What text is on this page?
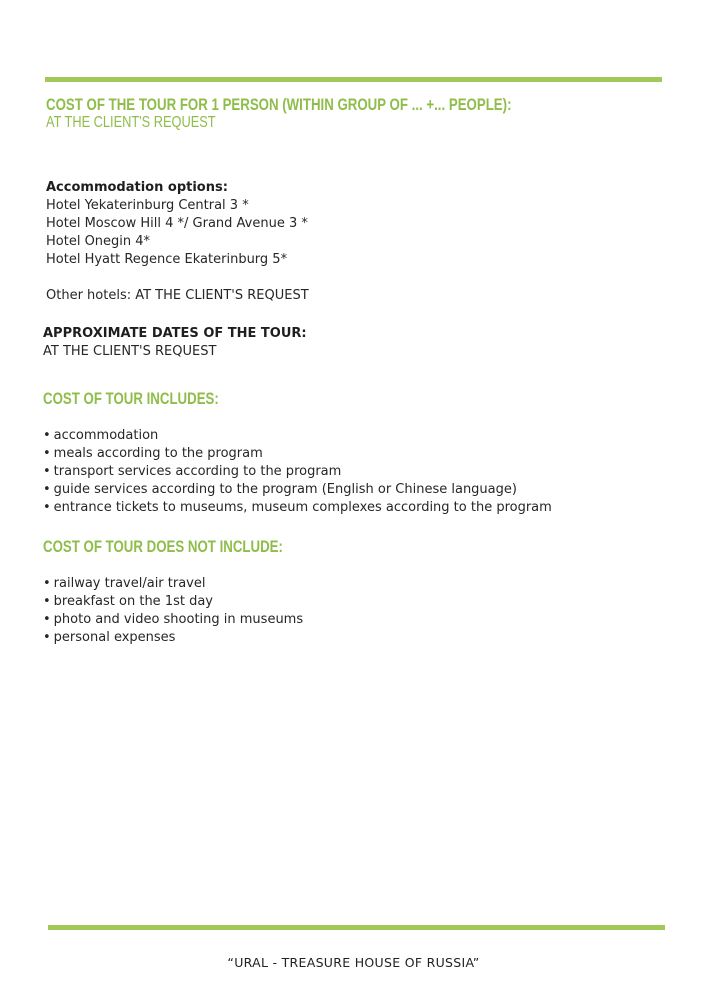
COST OF THE TOUR FOR 1 PERSON (WITHIN GROUP OF ... +... PEOPLE):
AT THE CLIENT'S REQUEST
Accommodation options:
Hotel Yekaterinburg Central 3 *
Hotel Moscow Hill 4 */ Grand Avenue 3 *
Hotel Onegin 4*
Hotel Hyatt Regence Ekaterinburg 5*
Other hotels: AT THE CLIENT'S REQUEST
APPROXIMATE DATES OF THE TOUR:
AT THE CLIENT'S REQUEST
COST OF TOUR INCLUDES:
• accommodation
• meals according to the program
• transport services according to the program
• guide services according to the program (English or Chinese language)
• entrance tickets to museums, museum complexes according to the program
COST OF TOUR DOES NOT INCLUDE:
• railway travel/air travel
• breakfast on the 1st day
• photo and video shooting in museums
• personal expenses
“URAL - TREASURE HOUSE OF RUSSIA”
